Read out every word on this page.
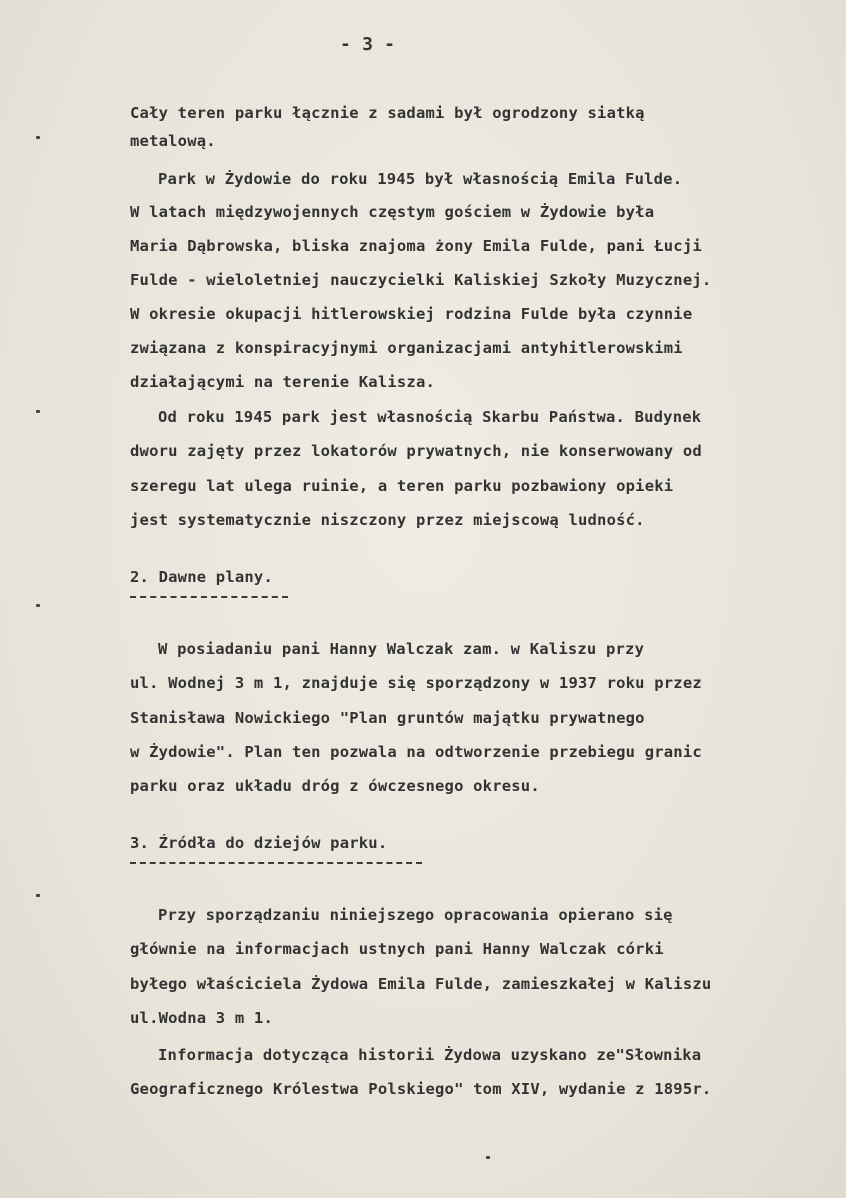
- 3 -
Cały teren parku łącznie z sadami był ogrodzony siatką
metalową.
Park w Żydowie do roku 1945 był własnością Emila Fulde.
W latach międzywojennych częstym gościem w Żydowie była
Maria Dąbrowska, bliska znajoma żony Emila Fulde, pani Łucji
Fulde - wieloletniej nauczycielki Kaliskiej Szkoły Muzycznej.
W okresie okupacji hitlerowskiej rodzina Fulde była czynnie
związana z konspiracyjnymi organizacjami antyhitlerowskimi
działającymi na terenie Kalisza.
Od roku 1945 park jest własnością Skarbu Państwa. Budynek
dworu zajęty przez lokatorów prywatnych, nie konserwowany od
szeregu lat ulega ruinie, a teren parku pozbawiony opieki
jest systematycznie niszczony przez miejscową ludność.
2. Dawne plany.
W posiadaniu pani Hanny Walczak zam. w Kaliszu przy
ul. Wodnej 3 m 1, znajduje się sporządzony w 1937 roku przez
Stanisława Nowickiego "Plan gruntów majątku prywatnego
w Żydowie". Plan ten pozwala na odtworzenie przebiegu granic
parku oraz układu dróg z ówczesnego okresu.
3. Źródła do dziejów parku.
Przy sporządzaniu niniejszego opracowania opierano się
głównie na informacjach ustnych pani Hanny Walczak córki
byłego właściciela Żydowa Emila Fulde, zamieszkałej w Kaliszu
ul.Wodna 3 m 1.
Informacja dotycząca historii Żydowa uzyskano ze"Słownika
Geograficznego Królestwa Polskiego" tom XIV, wydanie z 1895r.
